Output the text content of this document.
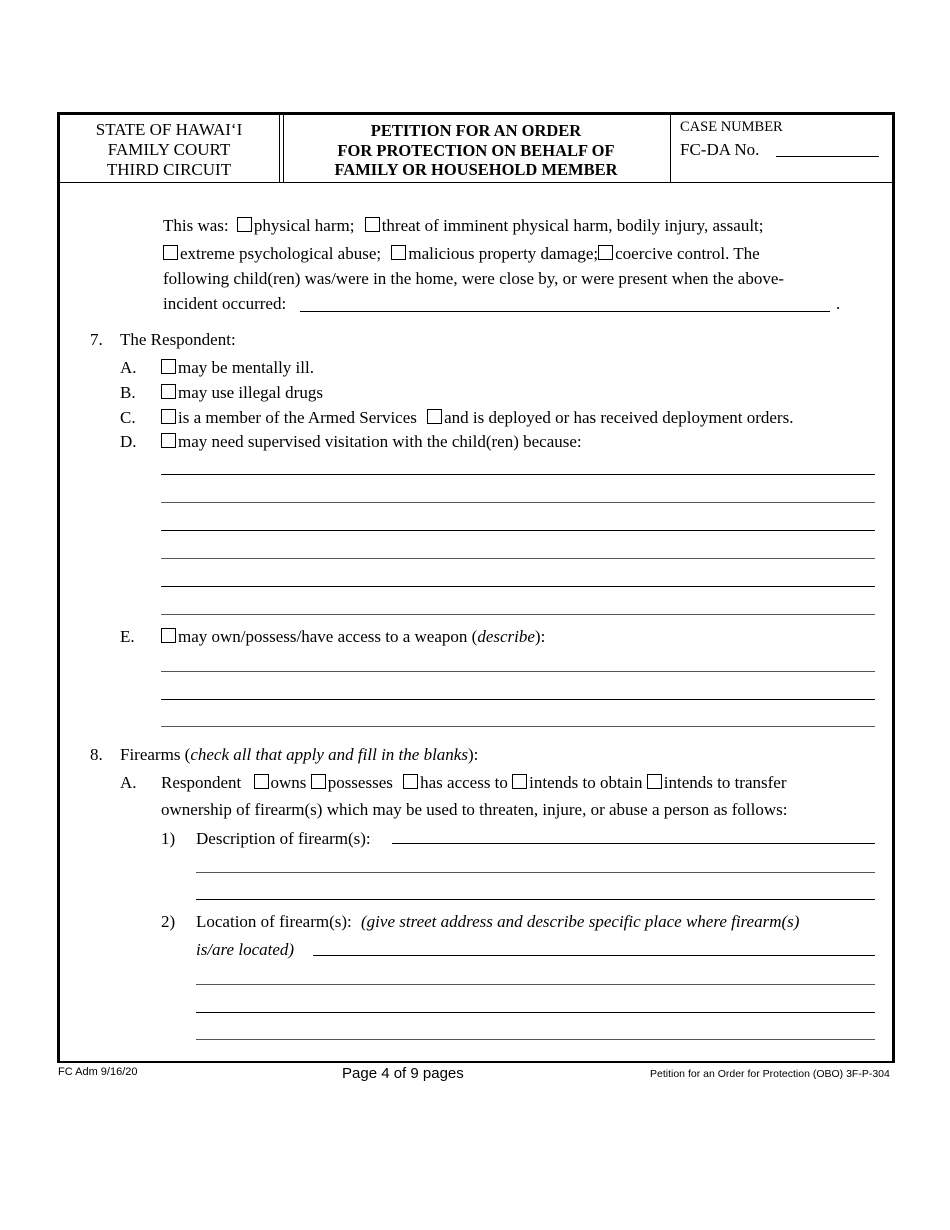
STATE OF HAWAI‘I
FAMILY COURT
THIRD CIRCUIT
PETITION FOR AN ORDER
FOR PROTECTION ON BEHALF OF
FAMILY OR HOUSEHOLD MEMBER
CASE NUMBER
FC-DA No.
This was: physical harm; threat of imminent physical harm, bodily injury, assault;
extreme psychological abuse; malicious property damage; coercive control. The
following child(ren) was/were in the home, were close by, or were present when the above-
incident occurred:	.
7. The Respondent:
A.	may be mentally ill.
B.	may use illegal drugs
C.	is a member of the Armed Services and is deployed or has received deployment orders.
D.	may need supervised visitation with the child(ren) because:
E.	may own/possess/have access to a weapon (describe):
8. Firearms (check all that apply and fill in the blanks):
A. Respondent owns possesses has access to intends to obtain intends to transfer
ownership of firearm(s) which may be used to threaten, injure, or abuse a person as follows:
1) Description of firearm(s):
2) Location of firearm(s): (give street address and describe specific place where firearm(s)
is/are located)
FC Adm 9/16/20	Page 4 of 9 pages	Petition for an Order for Protection (OBO) 3F-P-304
